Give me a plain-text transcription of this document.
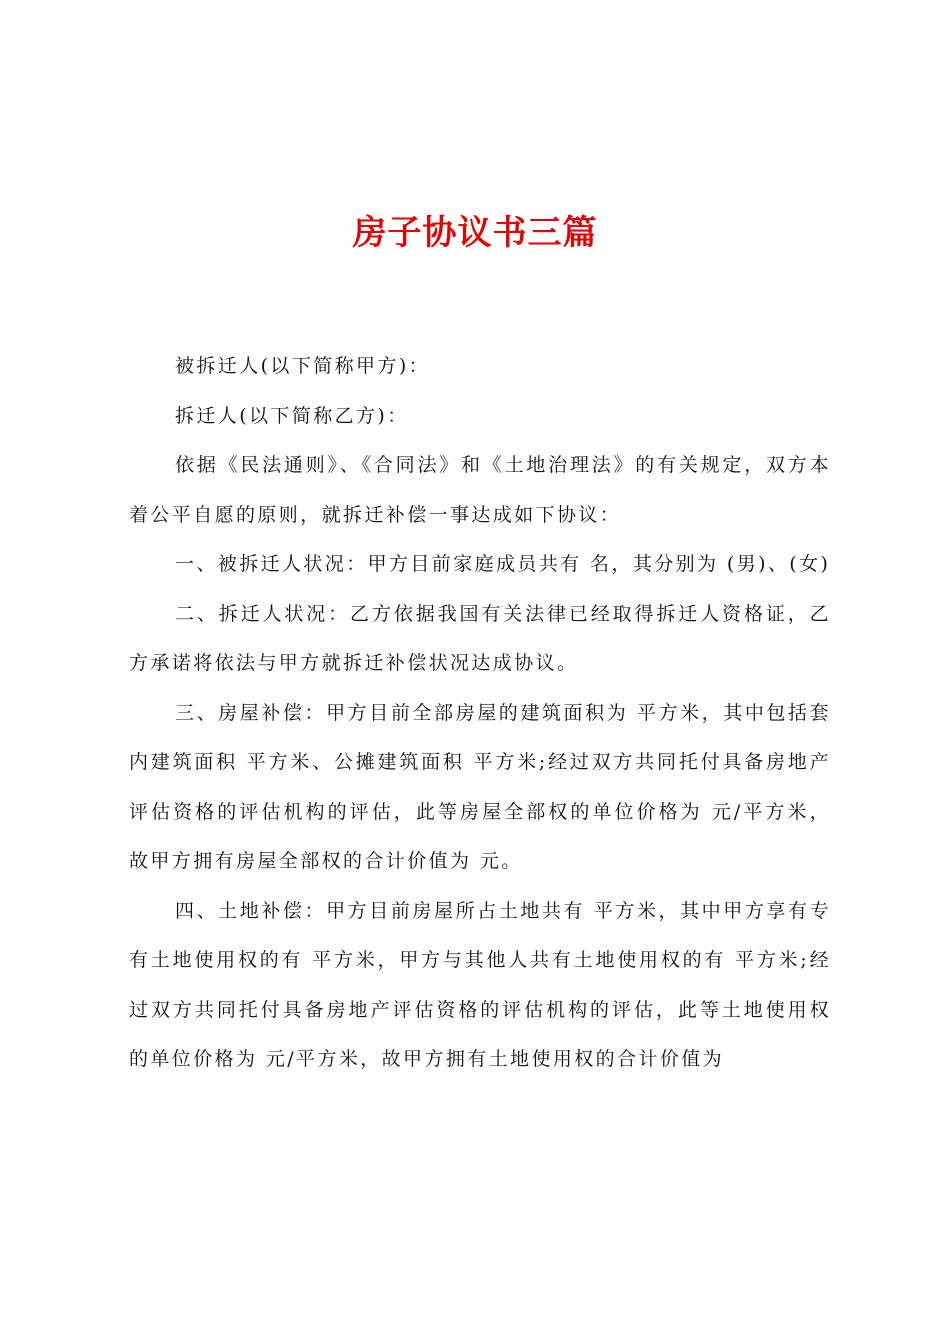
房子协议书三篇

被拆迁人(以下简称甲方)：

拆迁人(以下简称乙方)：

依据《民法通则》、《合同法》和《土地治理法》的有关规定，双方本着公平自愿的原则，就拆迁补偿一事达成如下协议：

一、被拆迁人状况：甲方目前家庭成员共有 名，其分别为 (男)、(女)

二、拆迁人状况：乙方依据我国有关法律已经取得拆迁人资格证，乙方承诺将依法与甲方就拆迁补偿状况达成协议。

三、房屋补偿：甲方目前全部房屋的建筑面积为 平方米，其中包括套内建筑面积 平方米、公摊建筑面积 平方米;经过双方共同托付具备房地产评估资格的评估机构的评估，此等房屋全部权的单位价格为 元/平方米，故甲方拥有房屋全部权的合计价值为 元。

四、土地补偿：甲方目前房屋所占土地共有 平方米，其中甲方享有专有土地使用权的有 平方米，甲方与其他人共有土地使用权的有 平方米;经过双方共同托付具备房地产评估资格的评估机构的评估，此等土地使用权的单位价格为 元/平方米，故甲方拥有土地使用权的合计价值为
